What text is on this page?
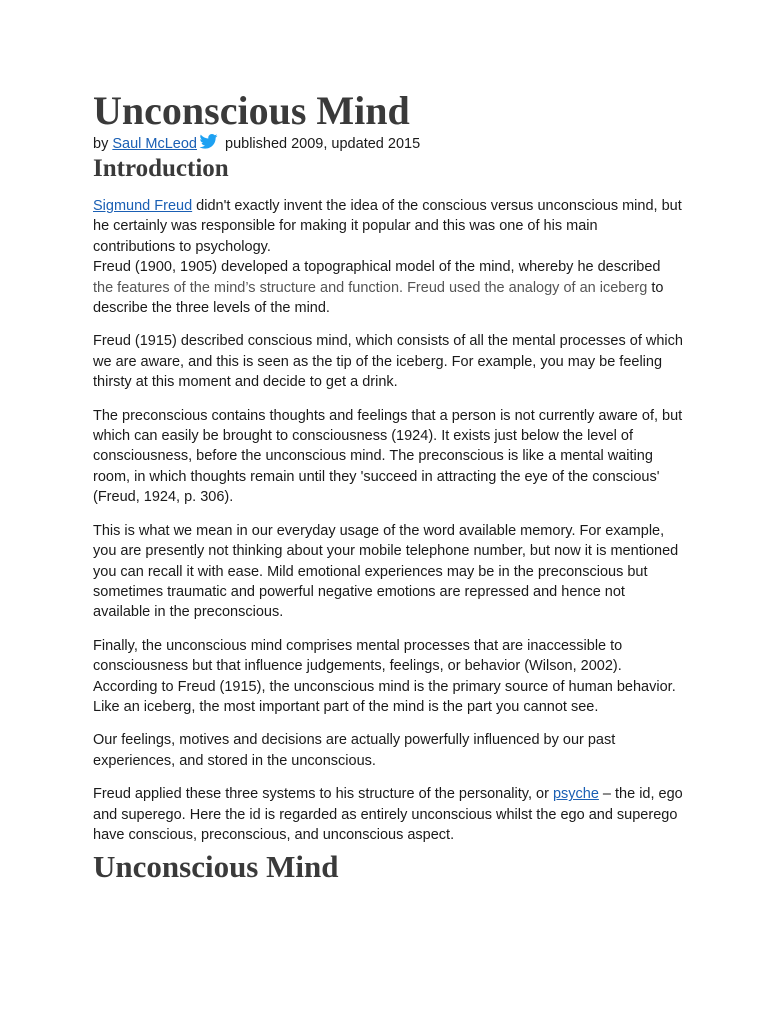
Unconscious Mind
by Saul McLeod published 2009, updated 2015
Introduction

Sigmund Freud didn't exactly invent the idea of the conscious versus unconscious mind, but he certainly was responsible for making it popular and this was one of his main contributions to psychology.

Freud (1900, 1905) developed a topographical model of the mind, whereby he described the features of the mind’s structure and function. Freud used the analogy of an iceberg to describe the three levels of the mind.

Freud (1915) described conscious mind, which consists of all the mental processes of which we are aware, and this is seen as the tip of the iceberg. For example, you may be feeling thirsty at this moment and decide to get a drink.

The preconscious contains thoughts and feelings that a person is not currently aware of, but which can easily be brought to consciousness (1924). It exists just below the level of consciousness, before the unconscious mind. The preconscious is like a mental waiting room, in which thoughts remain until they 'succeed in attracting the eye of the conscious' (Freud, 1924, p. 306).

This is what we mean in our everyday usage of the word available memory. For example, you are presently not thinking about your mobile telephone number, but now it is mentioned you can recall it with ease. Mild emotional experiences may be in the preconscious but sometimes traumatic and powerful negative emotions are repressed and hence not available in the preconscious.

Finally, the unconscious mind comprises mental processes that are inaccessible to consciousness but that influence judgements, feelings, or behavior (Wilson, 2002). According to Freud (1915), the unconscious mind is the primary source of human behavior. Like an iceberg, the most important part of the mind is the part you cannot see.

Our feelings, motives and decisions are actually powerfully influenced by our past experiences, and stored in the unconscious.

Freud applied these three systems to his structure of the personality, or psyche – the id, ego and superego. Here the id is regarded as entirely unconscious whilst the ego and superego have conscious, preconscious, and unconscious aspect.

Unconscious Mind
